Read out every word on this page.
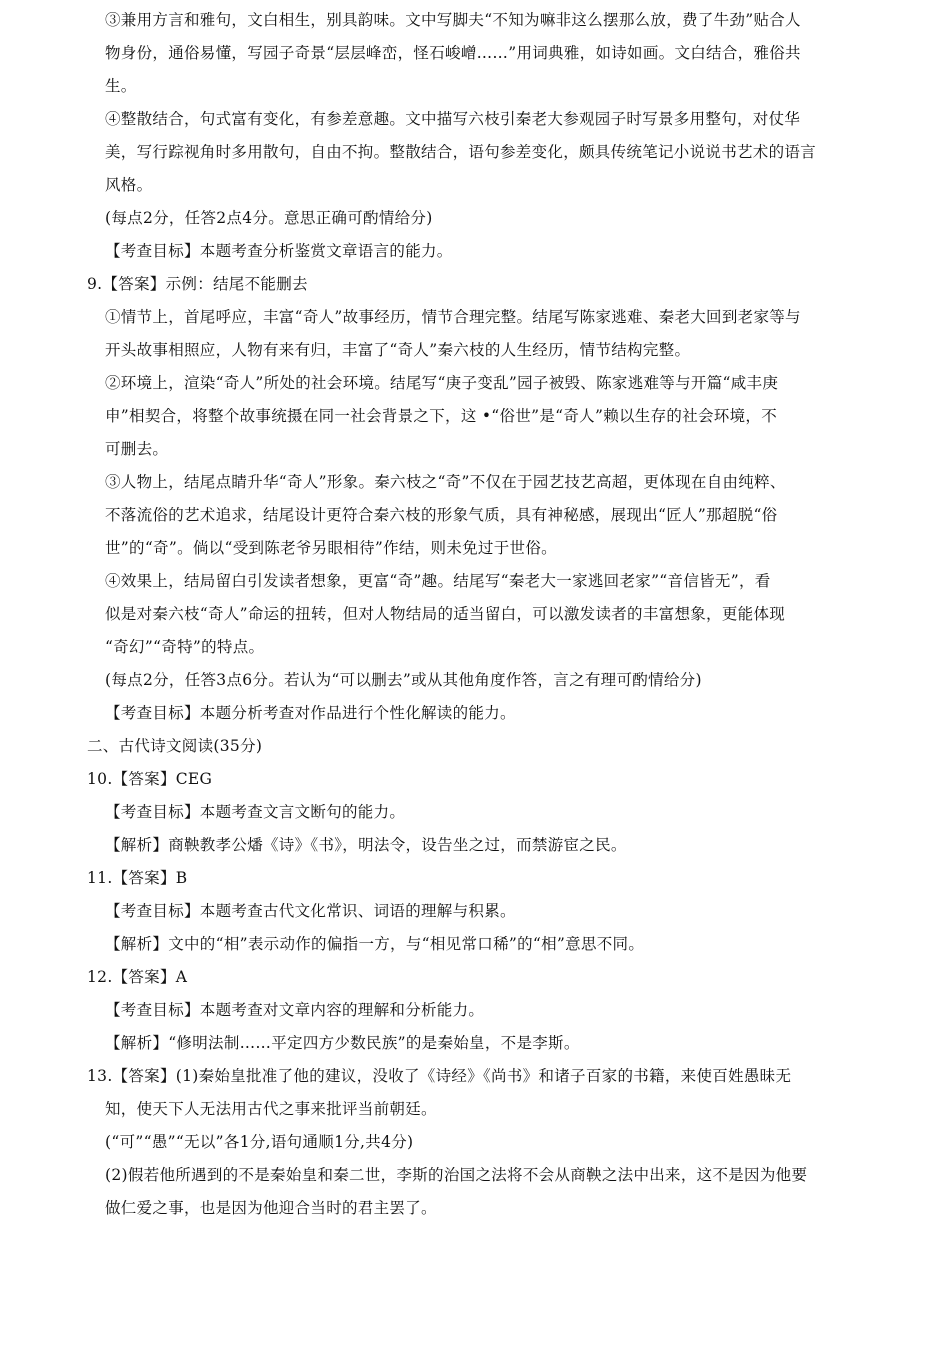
③兼用方言和雅句，文白相生，别具韵味。文中写脚夫“不知为嘛非这么摆那么放，费了牛劲”贴合人
物身份，通俗易懂，写园子奇景“层层峰峦，怪石峻嶒……”用词典雅，如诗如画。文白结合，雅俗共
生。
④整散结合，句式富有变化，有参差意趣。文中描写六枝引秦老大参观园子时写景多用整句，对仗华
美，写行踪视角时多用散句，自由不拘。整散结合，语句参差变化，颇具传统笔记小说说书艺术的语言
风格。
(每点2分，任答2点4分。意思正确可酌情给分)
【考查目标】本题考查分析鉴赏文章语言的能力。
9.【答案】示例：结尾不能删去
①情节上，首尾呼应，丰富“奇人”故事经历，情节合理完整。结尾写陈家逃难、秦老大回到老家等与
开头故事相照应，人物有来有归，丰富了“奇人”秦六枝的人生经历，情节结构完整。
②环境上，渲染“奇人”所处的社会环境。结尾写“庚子变乱”园子被毁、陈家逃难等与开篇“咸丰庚
申”相契合，将整个故事统摄在同一社会背景之下，这 •“俗世”是“奇人”赖以生存的社会环境，不
可删去。
③人物上，结尾点睛升华“奇人”形象。秦六枝之“奇”不仅在于园艺技艺高超，更体现在自由纯粹、
不落流俗的艺术追求，结尾设计更符合秦六枝的形象气质，具有神秘感，展现出“匠人”那超脱“俗
世”的“奇”。倘以“受到陈老爷另眼相待”作结，则未免过于世俗。
④效果上，结局留白引发读者想象，更富“奇”趣。结尾写“秦老大一家逃回老家”“音信皆无”，看
似是对秦六枝“奇人”命运的扭转，但对人物结局的适当留白，可以激发读者的丰富想象，更能体现
“奇幻”“奇特”的特点。
(每点2分，任答3点6分。若认为“可以删去”或从其他角度作答，言之有理可酌情给分)
【考查目标】本题分析考查对作品进行个性化解读的能力。
二、古代诗文阅读(35分)
10.【答案】CEG
【考查目标】本题考查文言文断句的能力。
【解析】商鞅教孝公燔《诗》《书》，明法令，设告坐之过，而禁游宦之民。
11.【答案】B
【考查目标】本题考查古代文化常识、词语的理解与积累。
【解析】文中的“相”表示动作的偏指一方，与“相见常口稀”的“相”意思不同。
12.【答案】A
【考查目标】本题考查对文章内容的理解和分析能力。
【解析】“修明法制……平定四方少数民族”的是秦始皇，不是李斯。
13.【答案】(1)秦始皇批准了他的建议，没收了《诗经》《尚书》和诸子百家的书籍，来使百姓愚昧无
知，使天下人无法用古代之事来批评当前朝廷。
(“可”“愚”“无以”各1分,语句通顺1分,共4分)
(2)假若他所遇到的不是秦始皇和秦二世，李斯的治国之法将不会从商鞅之法中出来，这不是因为他要
做仁爱之事，也是因为他迎合当时的君主罢了。
